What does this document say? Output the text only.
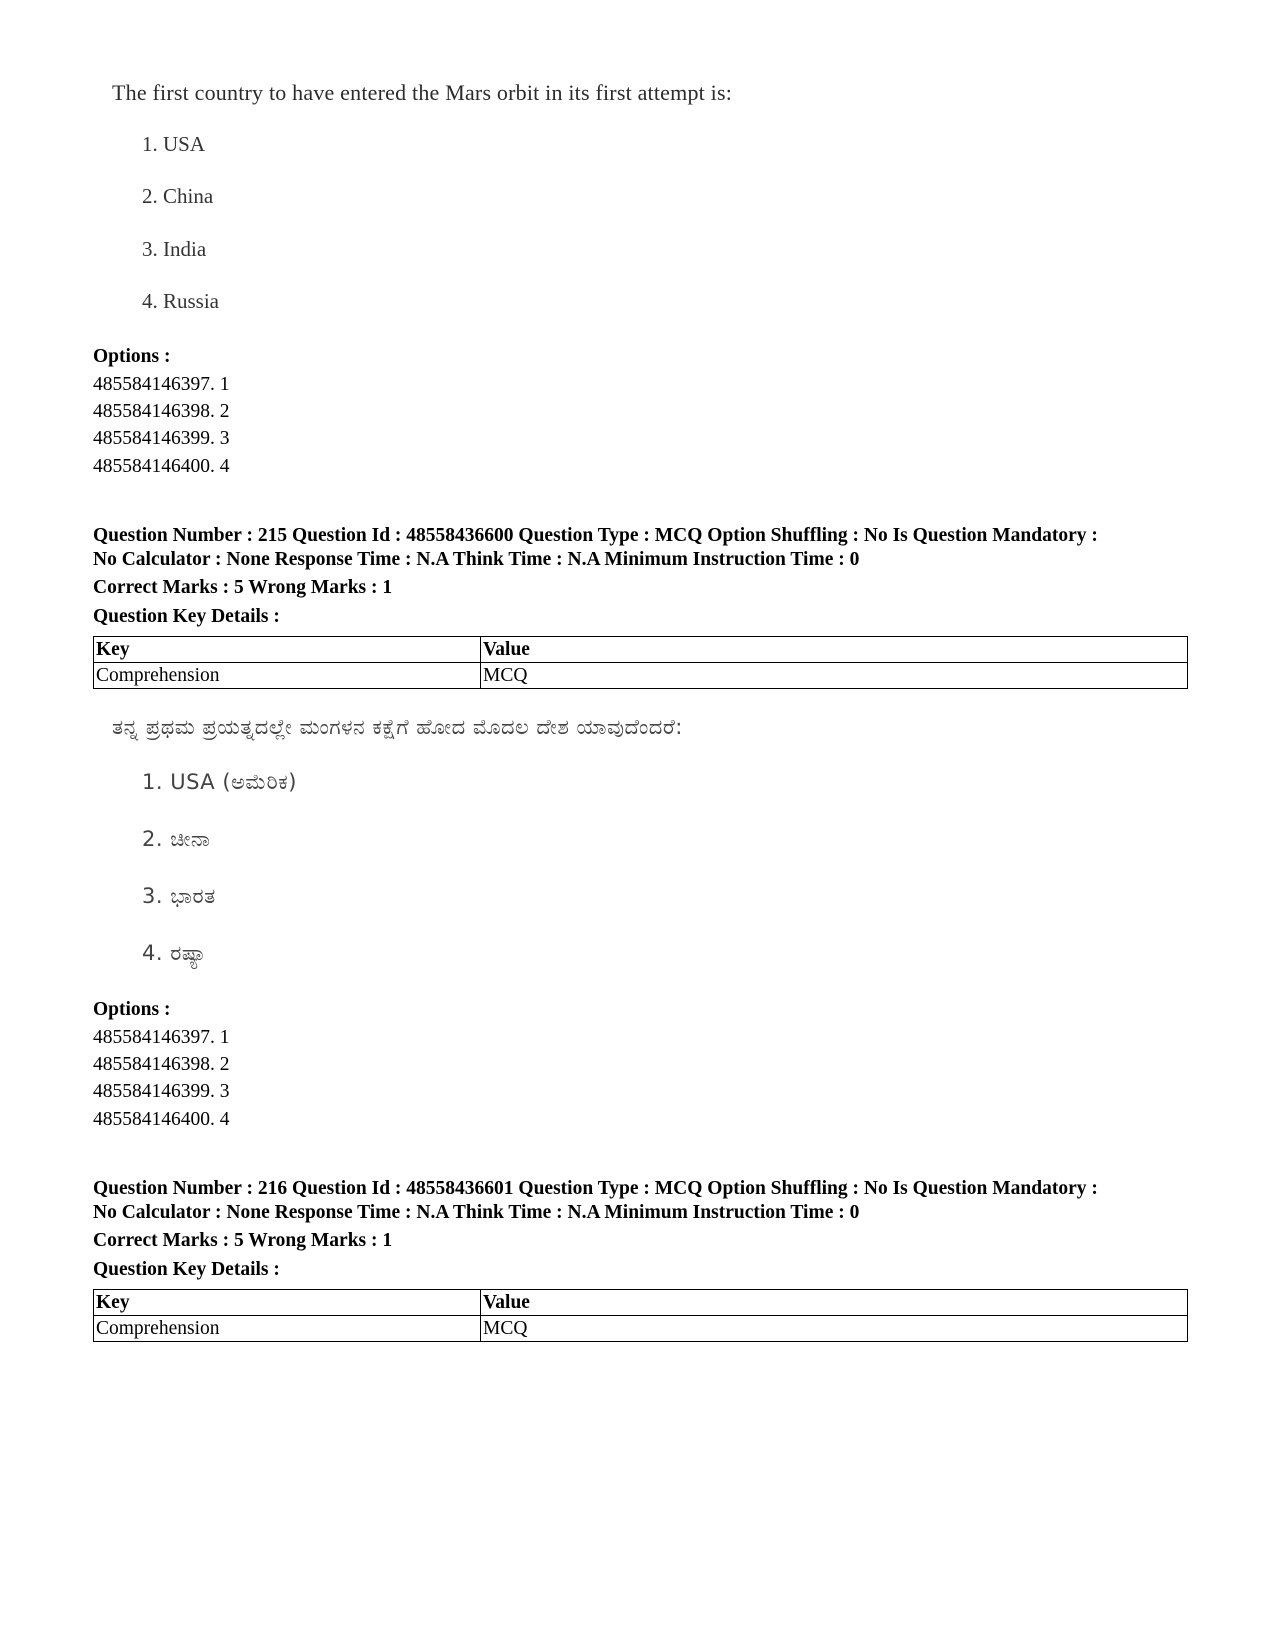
The first country to have entered the Mars orbit in its first attempt is:
1. USA
2. China
3. India
4. Russia
Options :
485584146397. 1
485584146398. 2
485584146399. 3
485584146400. 4
Question Number : 215 Question Id : 48558436600 Question Type : MCQ Option Shuffling : No Is Question Mandatory :
No Calculator : None Response Time : N.A Think Time : N.A Minimum Instruction Time : 0
Correct Marks : 5 Wrong Marks : 1
Question Key Details :
Key	Value
Comprehension	MCQ
ತನ್ನ ಪ್ರಥಮ ಪ್ರಯತ್ನದಲ್ಲೇ ಮಂಗಳನ ಕಕ್ಷೆಗೆ ಹೋದ ಮೊದಲ ದೇಶ ಯಾವುದೆಂದರೆ:
1. USA (ಅಮೆರಿಕ)
2. ಚೀನಾ
3. ಭಾರತ
4. ರಷ್ಯಾ
Options :
485584146397. 1
485584146398. 2
485584146399. 3
485584146400. 4
Question Number : 216 Question Id : 48558436601 Question Type : MCQ Option Shuffling : No Is Question Mandatory :
No Calculator : None Response Time : N.A Think Time : N.A Minimum Instruction Time : 0
Correct Marks : 5 Wrong Marks : 1
Question Key Details :
Key	Value
Comprehension	MCQ
